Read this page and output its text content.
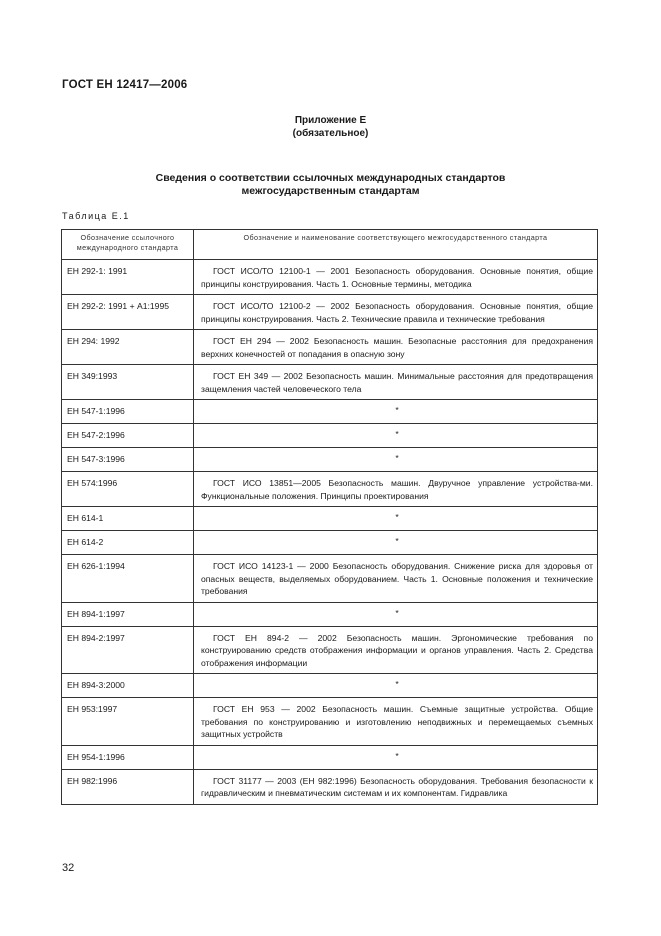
ГОСТ ЕН 12417—2006
Приложение Е
(обязательное)
Сведения о соответствии ссылочных международных стандартов
межгосударственным стандартам
Таблица Е.1
Обозначение ссылочного международного стандарта	Обозначение и наименование соответствующего межгосударственного стандарта
ЕН 292-1: 1991	ГОСТ ИСО/ТО 12100-1 — 2001 Безопасность оборудования. Основные понятия, общие принципы конструирования. Часть 1. Основные термины, методика

ЕН 292-2: 1991 + А1:1995	ГОСТ ИСО/ТО 12100-2 — 2002 Безопасность оборудования. Основные понятия, общие принципы конструирования. Часть 2. Технические правила и технические требования

ЕН 294: 1992	ГОСТ ЕН 294 — 2002 Безопасность машин. Безопасные расстояния для предохранения верхних конечностей от попадания в опасную зону

ЕН 349:1993	ГОСТ ЕН 349 — 2002 Безопасность машин. Минимальные расстояния для предотвращения защемления частей человеческого тела

ЕН 547-1:1996	*
ЕН 547-2:1996	*
ЕН 547-3:1996	*
ЕН 574:1996	ГОСТ ИСО 13851—2005 Безопасность машин. Двуручное управление устройства-ми. Функциональные положения. Принципы проектирования

ЕН 614-1	*
ЕН 614-2	*
ЕН 626-1:1994	ГОСТ ИСО 14123-1 — 2000 Безопасность оборудования. Снижение риска для здоровья от опасных веществ, выделяемых оборудованием. Часть 1. Основные положения и технические требования

ЕН 894-1:1997	*
ЕН 894-2:1997	ГОСТ ЕН 894-2 — 2002 Безопасность машин. Эргономические требования по конструированию средств отображения информации и органов управления. Часть 2. Средства отображения информации

ЕН 894-3:2000	*
ЕН 953:1997	ГОСТ ЕН 953 — 2002 Безопасность машин. Съемные защитные устройства. Общие требования по конструированию и изготовлению неподвижных и перемещаемых съемных защитных устройств

ЕН 954-1:1996	*
ЕН 982:1996	ГОСТ 31177 — 2003 (ЕН 982:1996) Безопасность оборудования. Требования безопасности к гидравлическим и пневматическим системам и их компонентам. Гидравлика
32
